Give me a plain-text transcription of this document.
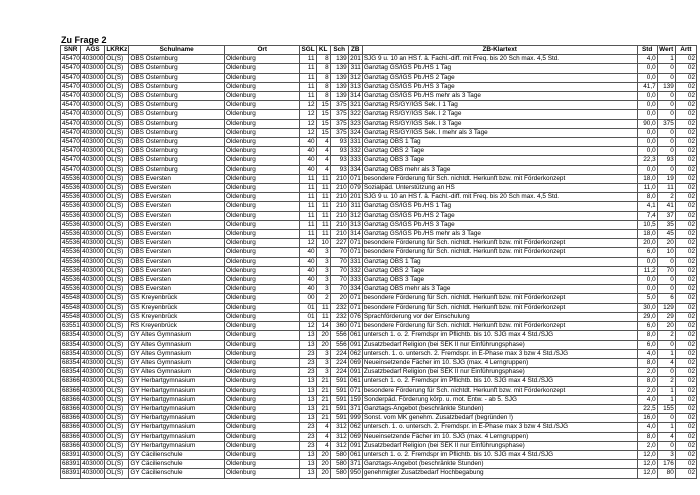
Zu Frage 2
SNR	AGS	LKRKz	Schulname	Ort	SGL	KL	Sch	ZB	ZB-Klartext	Std	Wert	Artt
45470	403000	OL(S)	OBS Osternburg	Oldenburg	11	8	139	201	SJG 9 u. 10 an HS f. â. Fachl.-diff. mit Freq. bis 20 Sch max. 4,5 Std.	4,0	1	02
45470	403000	OL(S)	OBS Osternburg	Oldenburg	11	8	139	311	Ganztag GS/IGS Pb./HS 1 Tag	0,0	0	02
45470	403000	OL(S)	OBS Osternburg	Oldenburg	11	8	139	312	Ganztag GS/IGS Pb./HS 2 Tage	0,0	0	02
45470	403000	OL(S)	OBS Osternburg	Oldenburg	11	8	139	313	Ganztag GS/IGS Pb./HS 3 Tage	41,7	139	02
45470	403000	OL(S)	OBS Osternburg	Oldenburg	11	8	139	314	Ganztag GS/IGS Pb./HS mehr als 3 Tage	0,0	0	02
45470	403000	OL(S)	OBS Osternburg	Oldenburg	12	15	375	321	Ganztag RS/GY/IGS Sek. I 1 Tag	0,0	0	02
45470	403000	OL(S)	OBS Osternburg	Oldenburg	12	15	375	322	Ganztag RS/GY/IGS Sek. I 2 Tage	0,0	0	02
45470	403000	OL(S)	OBS Osternburg	Oldenburg	12	15	375	323	Ganztag RS/GY/IGS Sek. I 3 Tage	90,0	375	02
45470	403000	OL(S)	OBS Osternburg	Oldenburg	12	15	375	324	Ganztag RS/GY/IGS Sek. I mehr als 3 Tage	0,0	0	02
45470	403000	OL(S)	OBS Osternburg	Oldenburg	40	4	93	331	Ganztag OBS 1 Tag	0,0	0	02
45470	403000	OL(S)	OBS Osternburg	Oldenburg	40	4	93	332	Ganztag OBS 2 Tage	0,0	0	02
45470	403000	OL(S)	OBS Osternburg	Oldenburg	40	4	93	333	Ganztag OBS 3 Tage	22,3	93	02
45470	403000	OL(S)	OBS Osternburg	Oldenburg	40	4	93	334	Ganztag OBS mehr als 3 Tage	0,0	0	02
45536	403000	OL(S)	OBS Eversten	Oldenburg	11	11	210	071	besondere Förderung für Sch. nichtdt. Herkunft bzw. mit Förderkonzept	18,0	19	02
45536	403000	OL(S)	OBS Eversten	Oldenburg	11	11	210	079	Sozialpäd. Unterstützung an HS	11,0	11	02
45536	403000	OL(S)	OBS Eversten	Oldenburg	11	11	210	201	SJG 9 u. 10 an HS f. â. Fachl.-diff. mit Freq. bis 20 Sch max. 4,5 Std.	8,0	2	02
45536	403000	OL(S)	OBS Eversten	Oldenburg	11	11	210	311	Ganztag GS/IGS Pb./HS 1 Tag	4,1	41	02
45536	403000	OL(S)	OBS Eversten	Oldenburg	11	11	210	312	Ganztag GS/IGS Pb./HS 2 Tage	7,4	37	02
45536	403000	OL(S)	OBS Eversten	Oldenburg	11	11	210	313	Ganztag GS/IGS Pb./HS 3 Tage	10,5	35	02
45536	403000	OL(S)	OBS Eversten	Oldenburg	11	11	210	314	Ganztag GS/IGS Pb./HS mehr als 3 Tage	18,0	45	02
45536	403000	OL(S)	OBS Eversten	Oldenburg	12	10	227	071	besondere Förderung für Sch. nichtdt. Herkunft bzw. mit Förderkonzept	20,0	20	02
45536	403000	OL(S)	OBS Eversten	Oldenburg	40	3	70	071	besondere Förderung für Sch. nichtdt. Herkunft bzw. mit Förderkonzept	6,0	10	02
45536	403000	OL(S)	OBS Eversten	Oldenburg	40	3	70	331	Ganztag OBS 1 Tag	0,0	0	02
45536	403000	OL(S)	OBS Eversten	Oldenburg	40	3	70	332	Ganztag OBS 2 Tage	11,2	70	02
45536	403000	OL(S)	OBS Eversten	Oldenburg	40	3	70	333	Ganztag OBS 3 Tage	0,0	0	02
45536	403000	OL(S)	OBS Eversten	Oldenburg	40	3	70	334	Ganztag OBS mehr als 3 Tage	0,0	0	02
45548	403000	OL(S)	GS Kreyenbrück	Oldenburg	00	2	20	071	besondere Förderung für Sch. nichtdt. Herkunft bzw. mit Förderkonzept	5,0	6	02
45548	403000	OL(S)	GS Kreyenbrück	Oldenburg	01	11	232	071	besondere Förderung für Sch. nichtdt. Herkunft bzw. mit Förderkonzept	30,0	129	02
45548	403000	OL(S)	GS Kreyenbrück	Oldenburg	01	11	232	076	Sprachförderung vor der Einschulung	29,0	29	02
63551	403000	OL(S)	RS Kreyenbrück	Oldenburg	12	14	360	071	besondere Förderung für Sch. nichtdt. Herkunft bzw. mit Förderkonzept	6,0	20	02
68354	403000	OL(S)	GY Altes Gymnasium	Oldenburg	13	20	556	061	untersch 1. o. 2. Fremdspr im Pflichtb. bis 10. SJG max 4 Std./SJG	8,0	2	02
68354	403000	OL(S)	GY Altes Gymnasium	Oldenburg	13	20	556	091	Zusatzbedarf Religion (bei SEK II nur Einführungsphase)	6,0	0	02
68354	403000	OL(S)	GY Altes Gymnasium	Oldenburg	23	3	224	062	untersch. 1. o. untersch. 2. Fremdspr. in E-Phase max 3 bzw 4 Std./SJG	4,0	1	02
68354	403000	OL(S)	GY Altes Gymnasium	Oldenburg	23	3	224	069	Neueinsetzende Fächer im 10. SJG (max. 4 Lerngruppen)	8,0	4	02
68354	403000	OL(S)	GY Altes Gymnasium	Oldenburg	23	3	224	091	Zusatzbedarf Religion (bei SEK II nur Einführungsphase)	2,0	0	02
68366	403000	OL(S)	GY Herbartgymnasium	Oldenburg	13	21	591	061	untersch 1. o. 2. Fremdspr im Pflichtb. bis 10. SJG max 4 Std./SJG	8,0	2	02
68366	403000	OL(S)	GY Herbartgymnasium	Oldenburg	13	21	591	071	besondere Förderung für Sch. nichtdt. Herkunft bzw. mit Förderkonzept	2,0	1	02
68366	403000	OL(S)	GY Herbartgymnasium	Oldenburg	13	21	591	159	Sonderpäd. Förderung körp. u. mot. Entw. - ab 5. SJG	4,0	1	02
68366	403000	OL(S)	GY Herbartgymnasium	Oldenburg	13	21	591	371	Ganztags-Angebot (beschränkte Stunden)	22,5	155	02
68366	403000	OL(S)	GY Herbartgymnasium	Oldenburg	13	21	591	999	Sonst. vom MK genehm. Zusatzbedarf (begründen !)	16,0	0	02
68366	403000	OL(S)	GY Herbartgymnasium	Oldenburg	23	4	312	062	untersch. 1. o. untersch. 2. Fremdspr. in E-Phase max 3 bzw 4 Std./SJG	4,0	1	02
68366	403000	OL(S)	GY Herbartgymnasium	Oldenburg	23	4	312	069	Neueinsetzende Fächer im 10. SJG (max. 4 Lerngruppen)	8,0	4	02
68366	403000	OL(S)	GY Herbartgymnasium	Oldenburg	23	4	312	091	Zusatzbedarf Religion (bei SEK II nur Einführungsphase)	2,0	0	02
68391	403000	OL(S)	GY Cäcilienschule	Oldenburg	13	20	580	061	untersch 1. o. 2. Fremdspr im Pflichtb. bis 10. SJG max 4 Std./SJG	12,0	3	02
68391	403000	OL(S)	GY Cäcilienschule	Oldenburg	13	20	580	371	Ganztags-Angebot (beschränkte Stunden)	12,0	176	02
68391	403000	OL(S)	GY Cäcilienschule	Oldenburg	13	20	580	950	genehmigter Zusatzbedarf Hochbegabung	12,0	80	02
